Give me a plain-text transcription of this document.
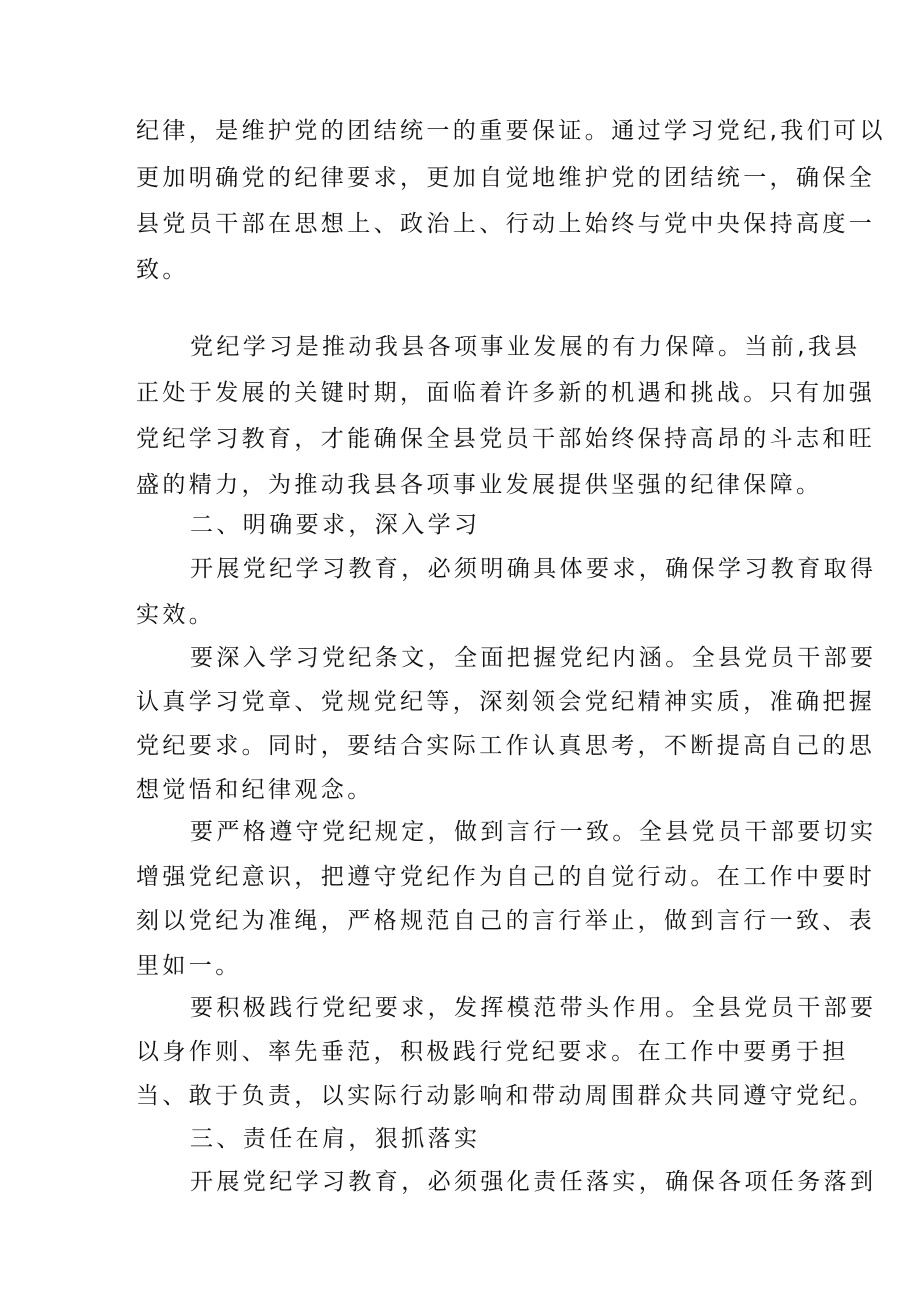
纪律，是维护党的团结统一的重要保证。通过学习党纪,我们可以
更加明确党的纪律要求，更加自觉地维护党的团结统一，确保全
县党员干部在思想上、政治上、行动上始终与党中央保持高度一
致。
党纪学习是推动我县各项事业发展的有力保障。当前,我县
正处于发展的关键时期，面临着许多新的机遇和挑战。只有加强
党纪学习教育，才能确保全县党员干部始终保持高昂的斗志和旺
盛的精力，为推动我县各项事业发展提供坚强的纪律保障。
二、明确要求，深入学习
开展党纪学习教育，必须明确具体要求，确保学习教育取得
实效。
要深入学习党纪条文，全面把握党纪内涵。全县党员干部要
认真学习党章、党规党纪等，深刻领会党纪精神实质，准确把握
党纪要求。同时，要结合实际工作认真思考，不断提高自己的思
想觉悟和纪律观念。
要严格遵守党纪规定，做到言行一致。全县党员干部要切实
增强党纪意识，把遵守党纪作为自己的自觉行动。在工作中要时
刻以党纪为准绳，严格规范自己的言行举止，做到言行一致、表
里如一。
要积极践行党纪要求，发挥模范带头作用。全县党员干部要
以身作则、率先垂范，积极践行党纪要求。在工作中要勇于担
当、敢于负责，以实际行动影响和带动周围群众共同遵守党纪。
三、责任在肩，狠抓落实
开展党纪学习教育，必须强化责任落实，确保各项任务落到
